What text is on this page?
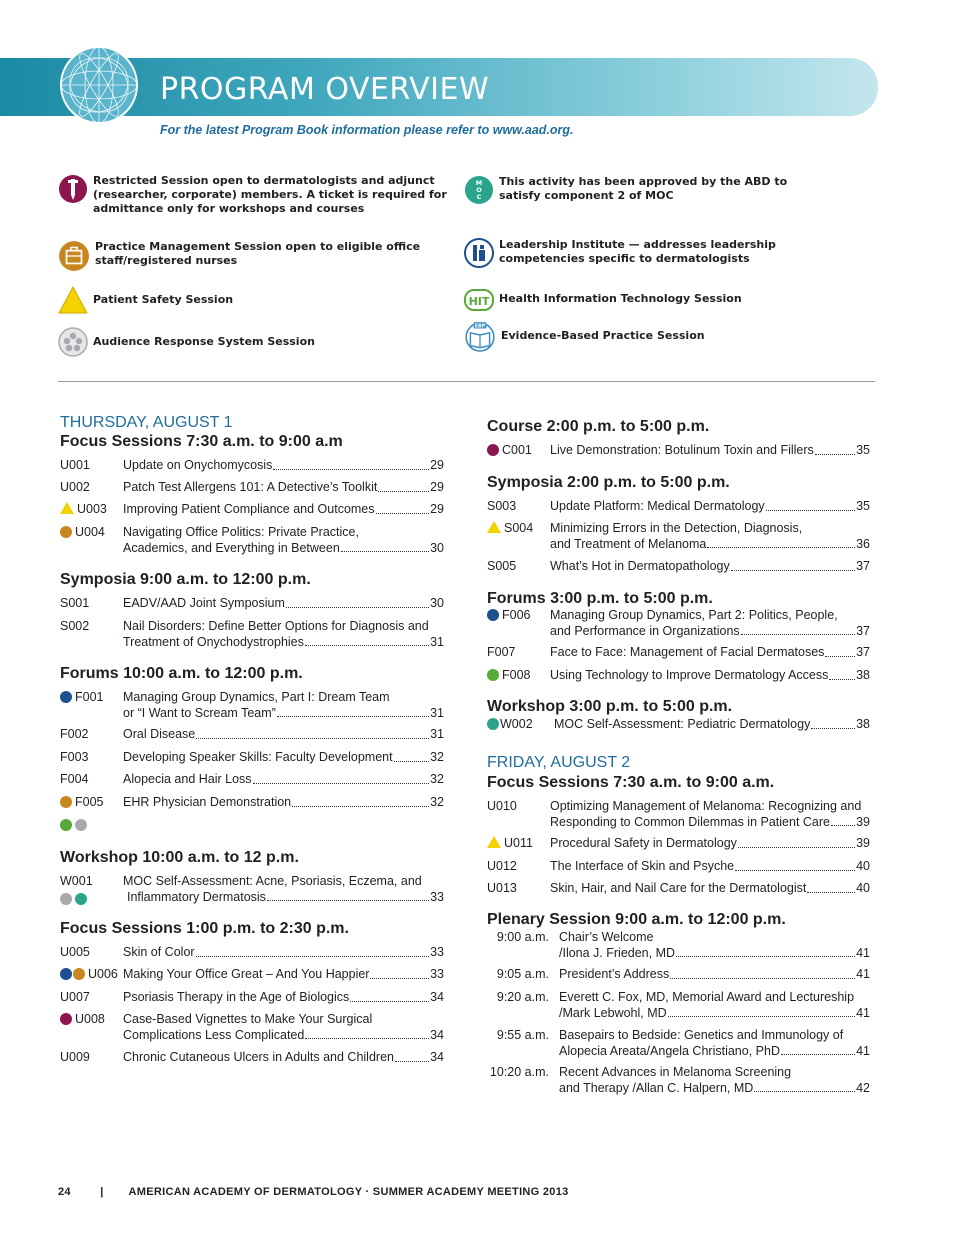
PROGRAM OVERVIEW
For the latest Program Book information please refer to www.aad.org.
Restricted Session open to dermatologists and adjunct (researcher, corporate) members. A ticket is required for admittance only for workshops and courses
M
O
C
This activity has been approved by the ABD to satisfy component 2 of MOC
Practice Management Session open to eligible office staff/registered nurses
Leadership Institute — addresses leadership competencies specific to dermatologists
Patient Safety Session	HIT Health Information Technology Session
Audience Response System Session
EBP
Evidence-Based Practice Session
THURSDAY, AUGUST 1
Focus Sessions 7:30 a.m. to 9:00 a.m
U001	Update on Onychomycosis	29
U002	Patch Test Allergens 101: A Detective’s Toolkit	29
U003 Improving Patient Compliance and Outcomes	29
U004 Navigating Office Politics: Private Practice,
Academics, and Everything in Between	30
Symposia 9:00 a.m. to 12:00 p.m.
S001	EADV/AAD Joint Symposium	30
S002	Nail Disorders: Define Better Options for Diagnosis and
Treatment of Onychodystrophies	31
Forums 10:00 a.m. to 12:00 p.m.
F001 Managing Group Dynamics, Part I: Dream Team
or “I Want to Scream Team”	31
F002	Oral Disease	31
F003	Developing Speaker Skills: Faculty Development	32
F004	Alopecia and Hair Loss	32
F005 EHR Physician Demonstration	32
Workshop 10:00 a.m. to 12 p.m.
W001 MOC Self-Assessment: Acne, Psoriasis, Eczema, and
Inflammatory Dermatosis	33
Focus Sessions 1:00 p.m. to 2:30 p.m.
U005	Skin of Color	33
U006 Making Your Office Great – And You Happier	33
U007	Psoriasis Therapy in the Age of Biologics	34
U008 Case-Based Vignettes to Make Your Surgical
Complications Less Complicated	34
U009	Chronic Cutaneous Ulcers in Adults and Children	34
Course 2:00 p.m. to 5:00 p.m.
C001 Live Demonstration: Botulinum Toxin and Fillers	35
Symposia 2:00 p.m. to 5:00 p.m.
S003	Update Platform: Medical Dermatology	35
S004 Minimizing Errors in the Detection, Diagnosis,
and Treatment of Melanoma	36
S005	What’s Hot in Dermatopathology	37
Forums 3:00 p.m. to 5:00 p.m.
F006 Managing Group Dynamics, Part 2: Politics, People,
and Performance in Organizations	37
F007	Face to Face: Management of Facial Dermatoses	37
F008 Using Technology to Improve Dermatology Access 38
Workshop 3:00 p.m. to 5:00 p.m.
W002 MOC Self-Assessment: Pediatric Dermatology	38
FRIDAY, AUGUST 2
Focus Sessions 7:30 a.m. to 9:00 a.m.
U010	Optimizing Management of Melanoma: Recognizing and
Responding to Common Dilemmas in Patient Care 39
U011 Procedural Safety in Dermatology	39
U012	The Interface of Skin and Psyche	40
U013	Skin, Hair, and Nail Care for the Dermatologist	40
Plenary Session 9:00 a.m. to 12:00 p.m.
9:00 a.m. Chair’s Welcome
/Ilona J. Frieden, MD	41
9:05 a.m. President’s Address	41
9:20 a.m. Everett C. Fox, MD, Memorial Award and Lectureship
/Mark Lebwohl, MD	41
9:55 a.m. Basepairs to Bedside: Genetics and Immunology of
Alopecia Areata/Angela Christiano, PhD	41
10:20 a.m. Recent Advances in Melanoma Screening
and Therapy /Allan C. Halpern, MD	42
24	| AMERICAN ACADEMY OF DERMATOLOGY · SUMMER ACADEMY MEETING 2013
